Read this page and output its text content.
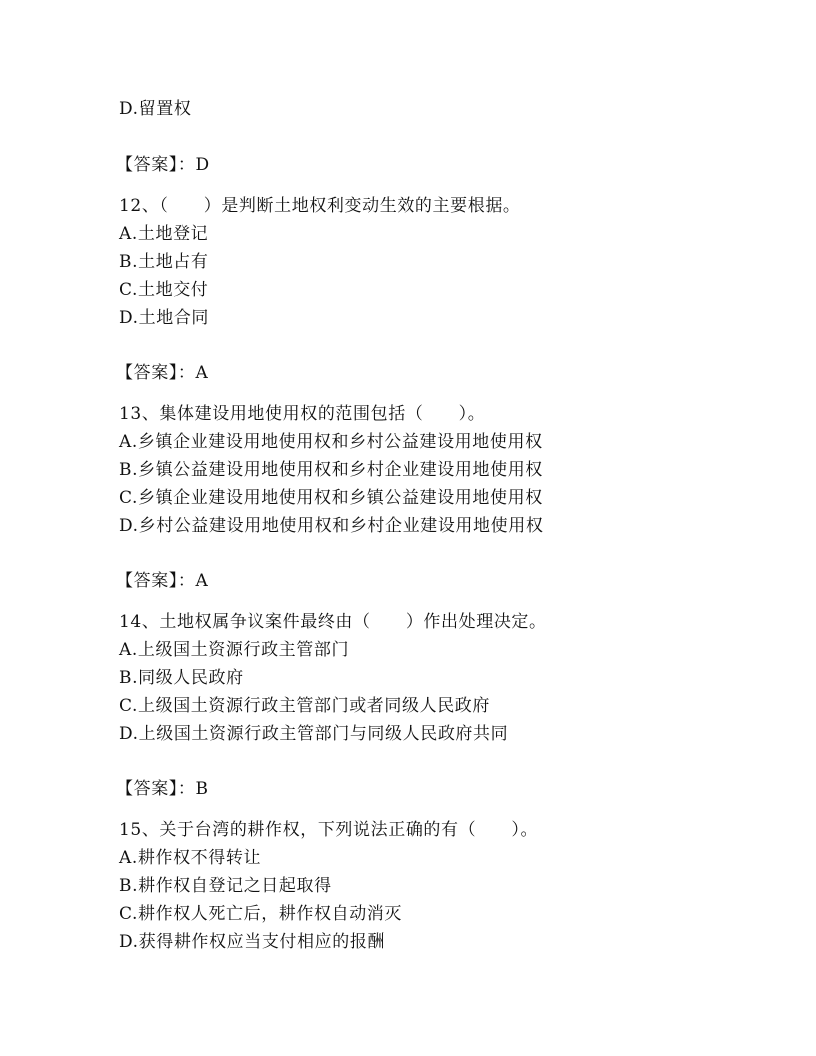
D.留置权
【答案】：D
12、（　　）是判断土地权利变动生效的主要根据。
A.土地登记
B.土地占有
C.土地交付
D.土地合同
【答案】：A
13、集体建设用地使用权的范围包括（　　）。
A.乡镇企业建设用地使用权和乡村公益建设用地使用权
B.乡镇公益建设用地使用权和乡村企业建设用地使用权
C.乡镇企业建设用地使用权和乡镇公益建设用地使用权
D.乡村公益建设用地使用权和乡村企业建设用地使用权
【答案】：A
14、土地权属争议案件最终由（　　）作出处理决定。
A.上级国土资源行政主管部门
B.同级人民政府
C.上级国土资源行政主管部门或者同级人民政府
D.上级国土资源行政主管部门与同级人民政府共同
【答案】：B
15、关于台湾的耕作权，下列说法正确的有（　　）。
A.耕作权不得转让
B.耕作权自登记之日起取得
C.耕作权人死亡后，耕作权自动消灭
D.获得耕作权应当支付相应的报酬
